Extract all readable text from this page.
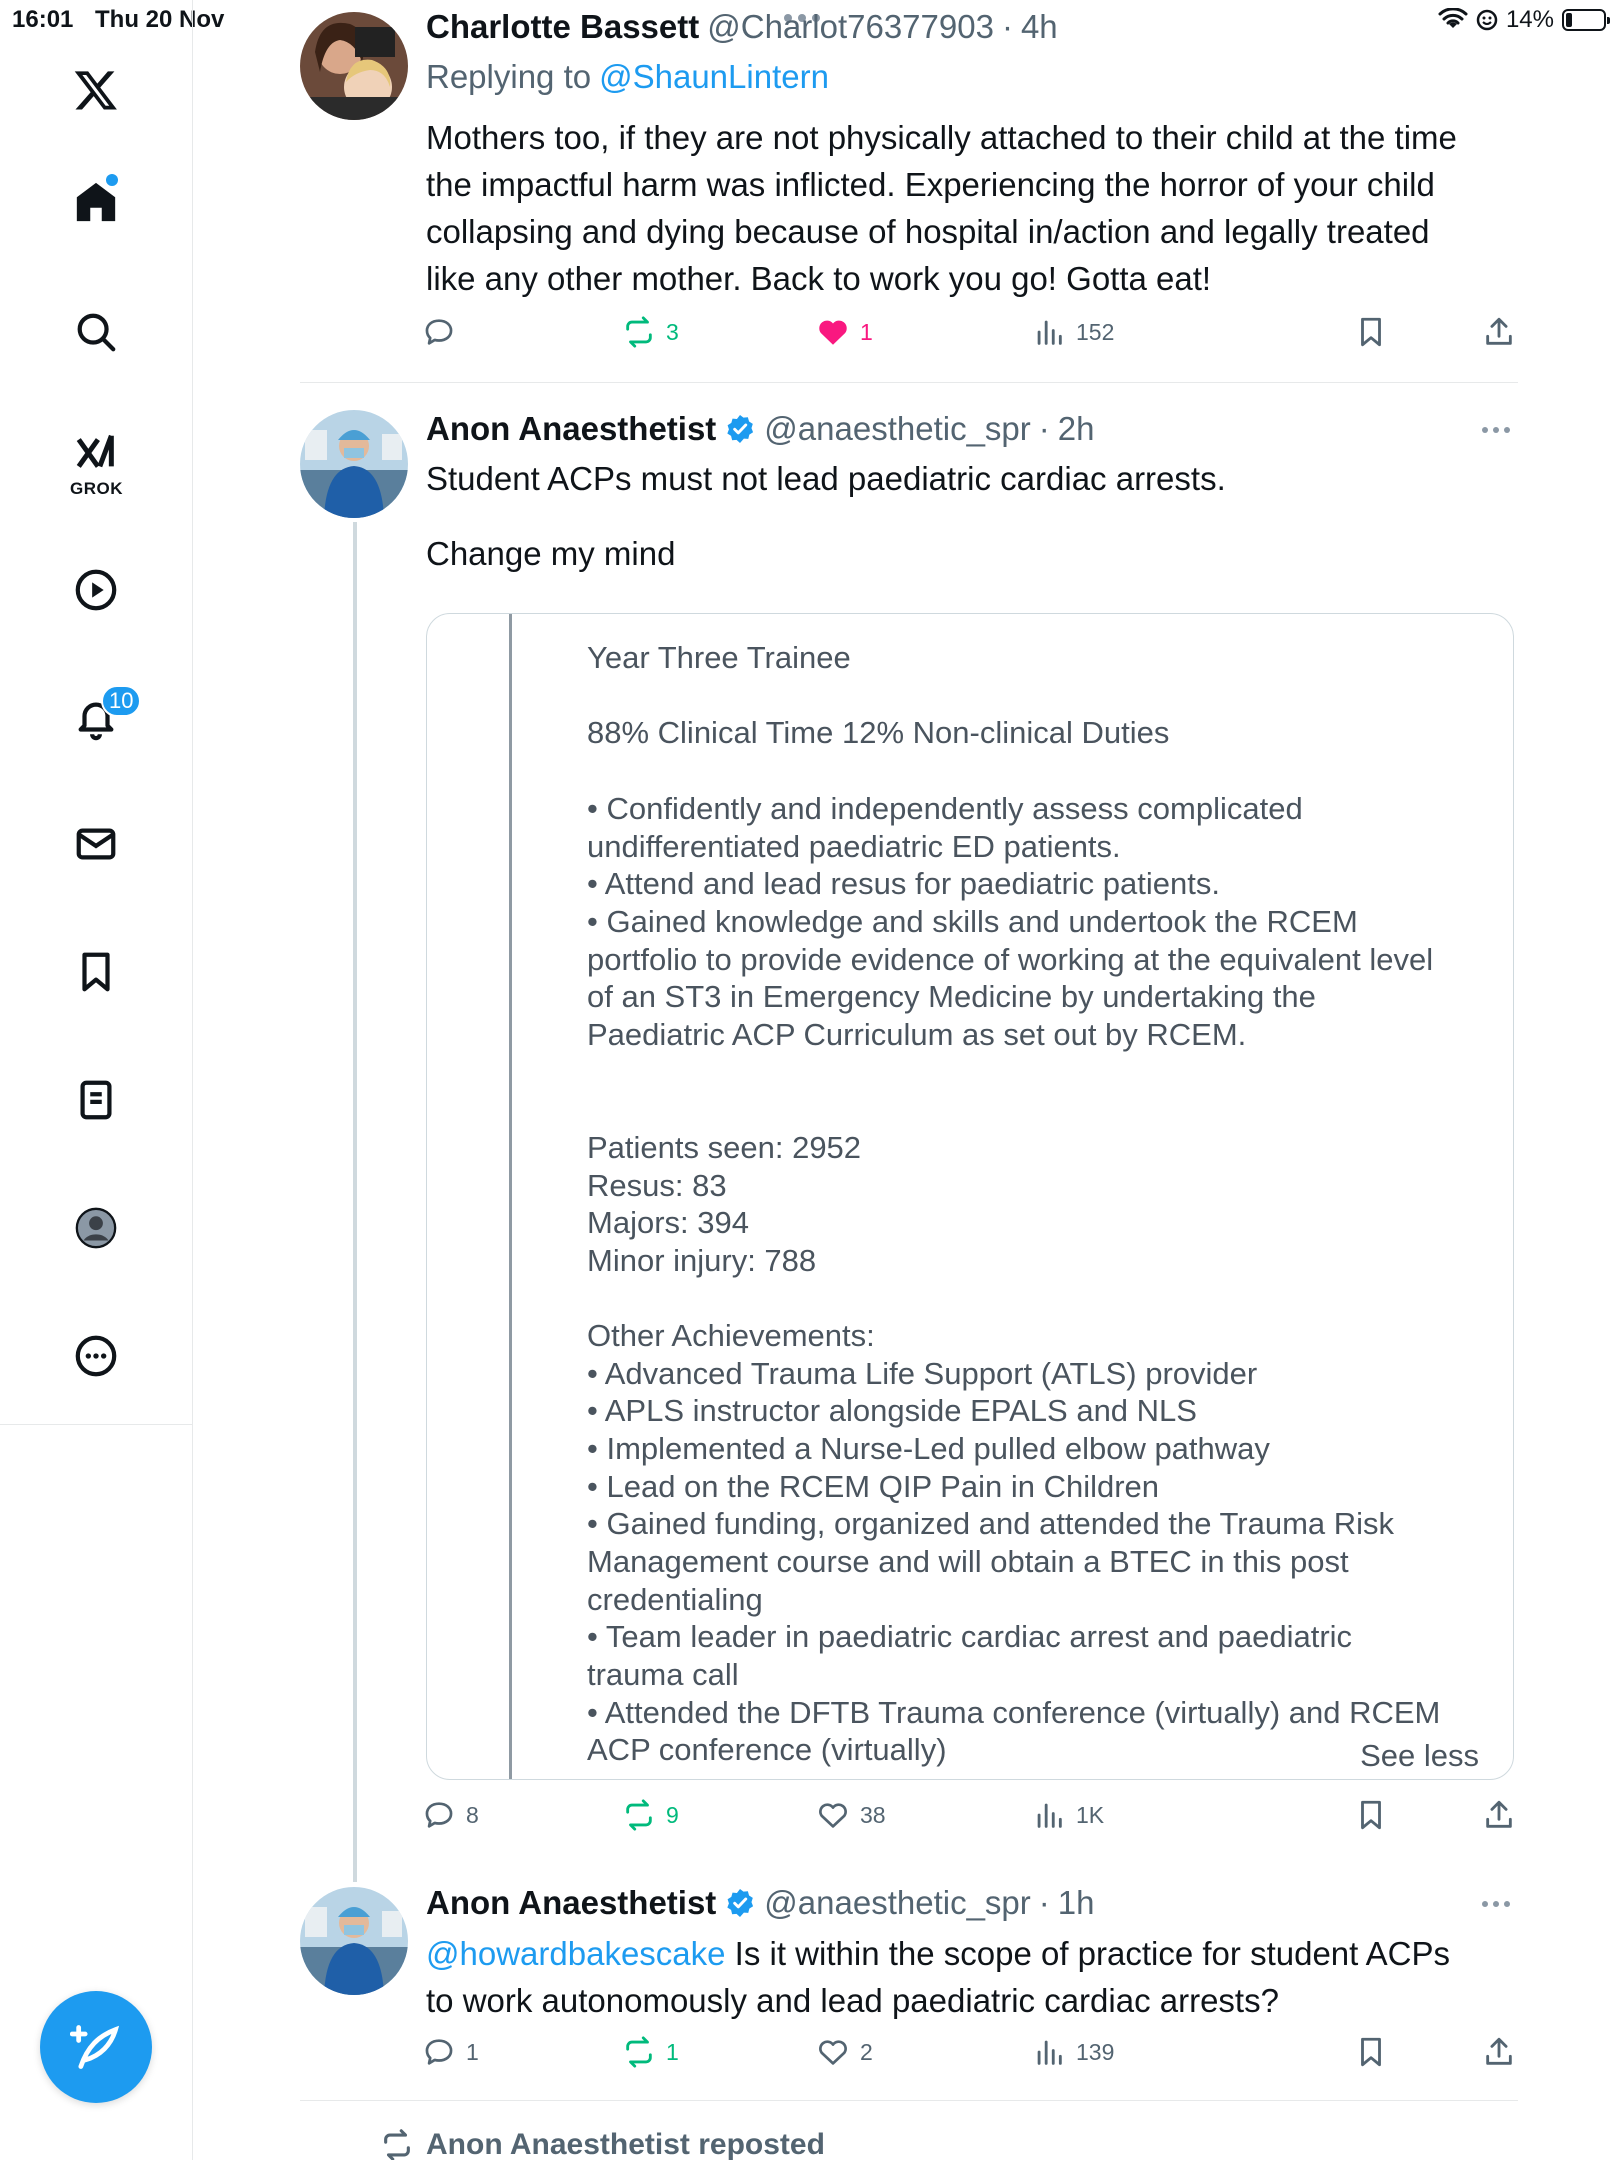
16:01 Thu 20 Nov	14%
GROK
10
Charlotte Bassett @Charlot76377903 · 4h
Replying to @ShaunLintern
Mothers too, if they are not physically attached to their child at the time
the impactful harm was inflicted. Experiencing the horror of your child
collapsing and dying because of hospital in/action and legally treated
like any other mother. Back to work you go! Gotta eat!
3	1	152
Anon Anaesthetist @anaesthetic_spr · 2h
Student ACPs must not lead paediatric cardiac arrests.
Change my mind
Year Three Trainee
88% Clinical Time 12% Non-clinical Duties
• Confidently and independently assess complicated
undifferentiated paediatric ED patients.
• Attend and lead resus for paediatric patients.
• Gained knowledge and skills and undertook the RCEM
portfolio to provide evidence of working at the equivalent level
of an ST3 in Emergency Medicine by undertaking the
Paediatric ACP Curriculum as set out by RCEM.
Patients seen: 2952
Resus: 83
Majors: 394
Minor injury: 788
Other Achievements:
• Advanced Trauma Life Support (ATLS) provider
• APLS instructor alongside EPALS and NLS
• Implemented a Nurse-Led pulled elbow pathway
• Lead on the RCEM QIP Pain in Children
• Gained funding, organized and attended the Trauma Risk
Management course and will obtain a BTEC in this post
credentialing
• Team leader in paediatric cardiac arrest and paediatric
trauma call
• Attended the DFTB Trauma conference (virtually) and RCEM
ACP conference (virtually)	See less
8	9	38	1K
Anon Anaesthetist @anaesthetic_spr · 1h
@howardbakescake Is it within the scope of practice for student ACPs
to work autonomously and lead paediatric cardiac arrests?
1	1	2	139
Anon Anaesthetist reposted
